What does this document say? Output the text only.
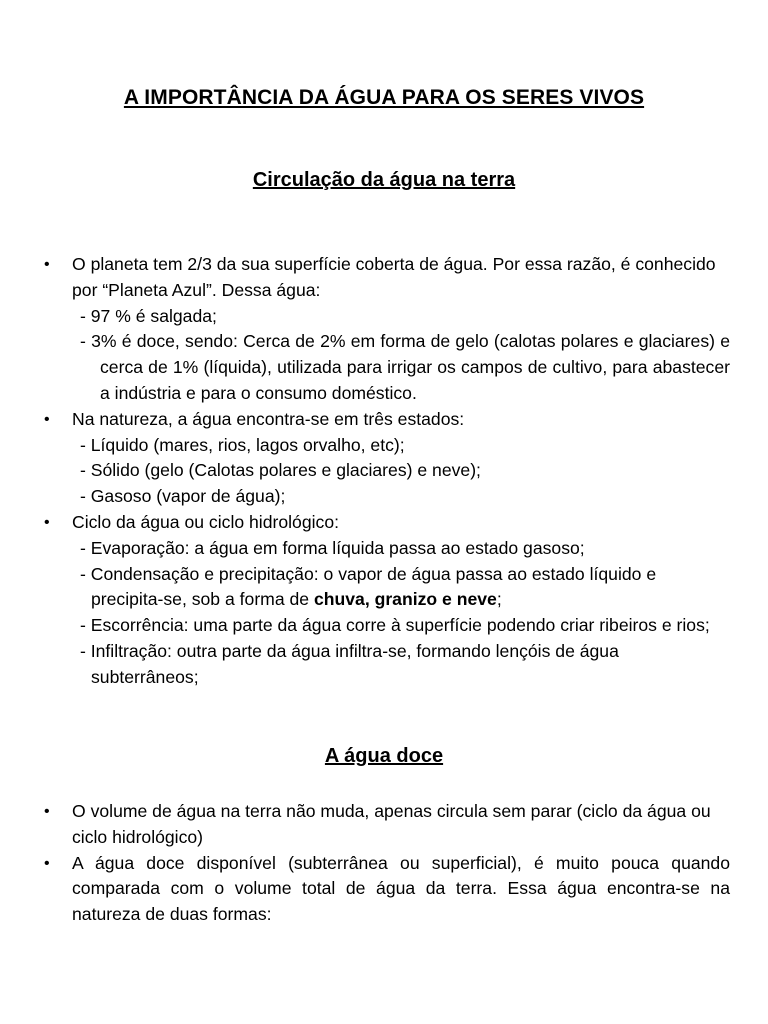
A IMPORTÂNCIA DA ÁGUA PARA OS SERES VIVOS
Circulação da água na terra
• O planeta tem 2/3 da sua superfície coberta de água. Por essa razão, é conhecido por “Planeta Azul”. Dessa água:
- 97 % é salgada;
- 3% é doce, sendo: Cerca de 2% em forma de gelo (calotas polares e glaciares) e cerca de 1% (líquida), utilizada para irrigar os campos de cultivo, para abastecer a indústria e para o consumo doméstico.
• Na natureza, a água encontra-se em três estados:
- Líquido (mares, rios, lagos orvalho, etc);
- Sólido (gelo (Calotas polares e glaciares) e neve);
- Gasoso (vapor de água);
• Ciclo da água ou ciclo hidrológico:
- Evaporação: a água em forma líquida passa ao estado gasoso;
- Condensação e precipitação: o vapor de água passa ao estado líquido e precipita-se, sob a forma de chuva, granizo e neve;
- Escorrência: uma parte da água corre à superfície podendo criar ribeiros e rios;
- Infiltração: outra parte da água infiltra-se, formando lençóis de água subterrâneos;
A água doce
• O volume de água na terra não muda, apenas circula sem parar (ciclo da água ou ciclo hidrológico)
• A água doce disponível (subterrânea ou superficial), é muito pouca quando comparada com o volume total de água da terra. Essa água encontra-se na natureza de duas formas:
